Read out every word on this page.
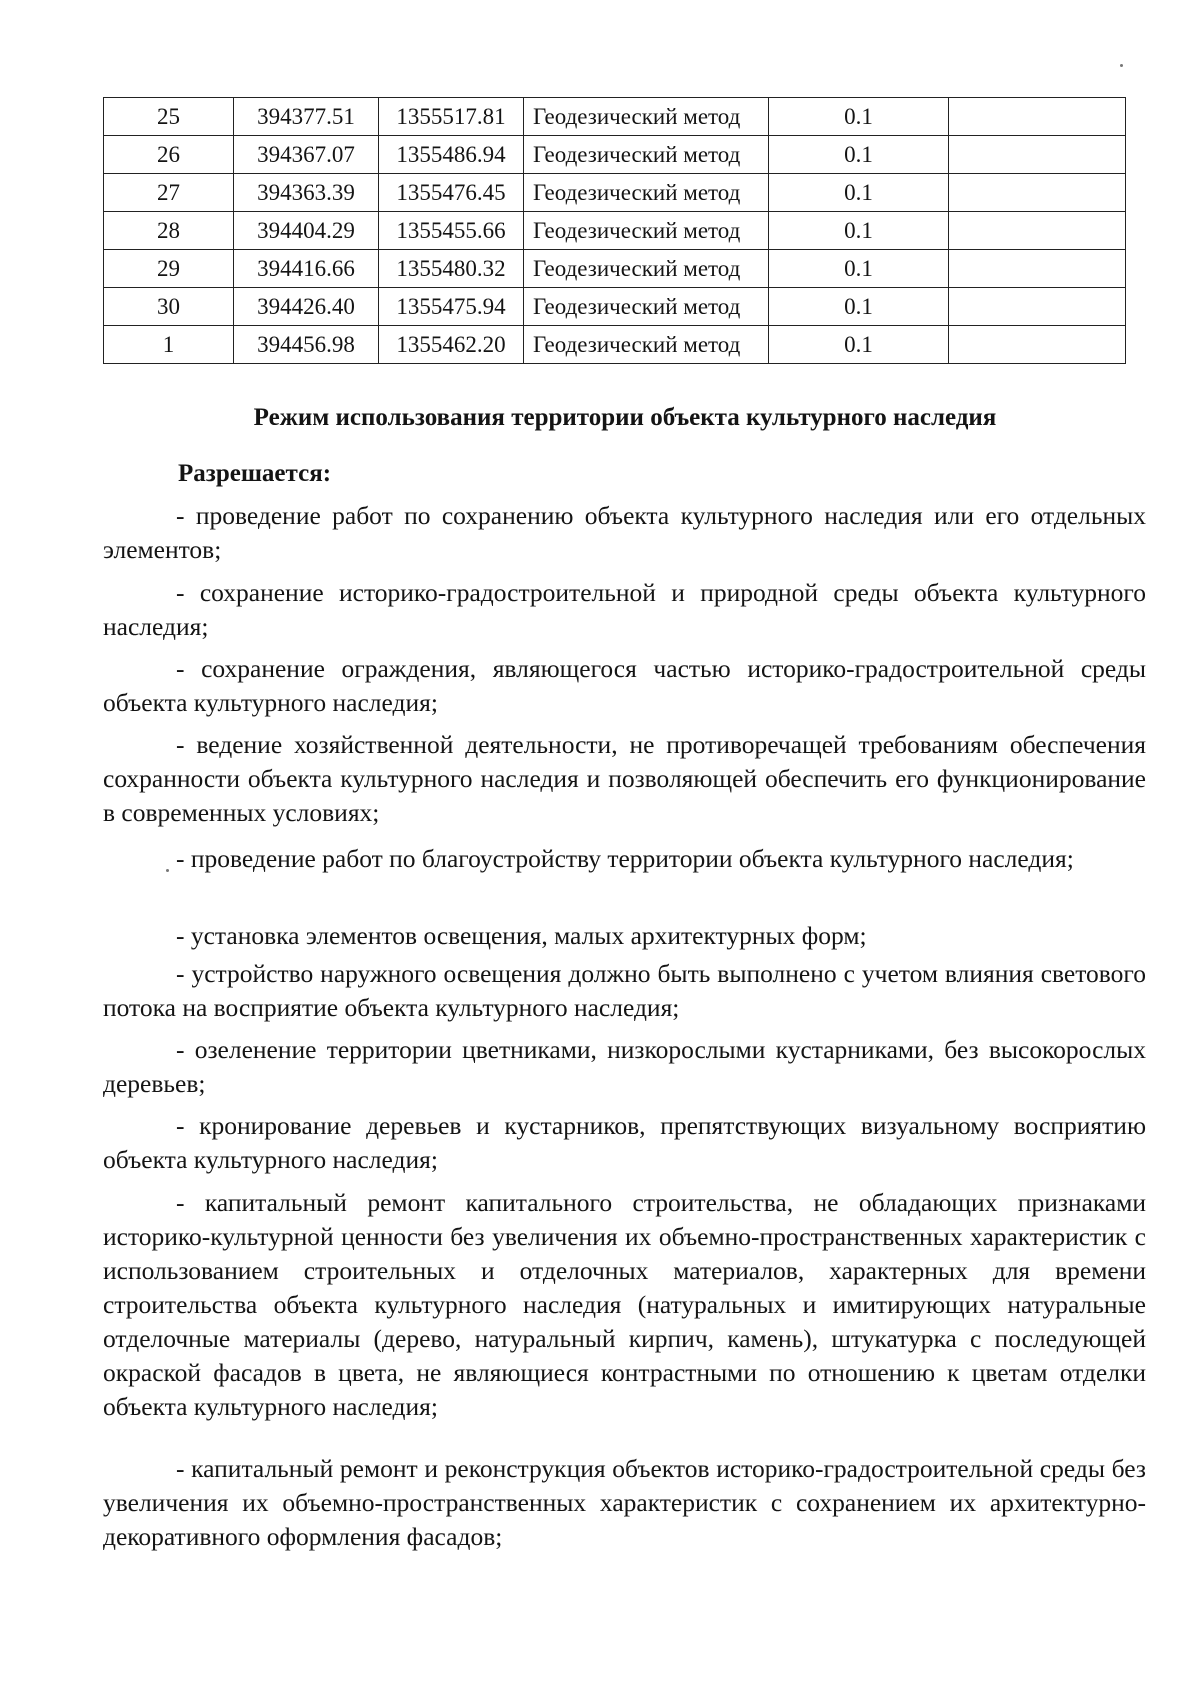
25	394377.51	1355517.81	Геодезический метод	0.1	
26	394367.07	1355486.94	Геодезический метод	0.1	
27	394363.39	1355476.45	Геодезический метод	0.1	
28	394404.29	1355455.66	Геодезический метод	0.1	
29	394416.66	1355480.32	Геодезический метод	0.1	
30	394426.40	1355475.94	Геодезический метод	0.1	
1	394456.98	1355462.20	Геодезический метод	0.1	
Режим использования территории объекта культурного наследия
Разрешается:

- проведение работ по сохранению объекта культурного наследия или его отдельных элементов;

- сохранение историко-градостроительной и природной среды объекта культурного наследия;

- сохранение ограждения, являющегося частью историко-градостроительной среды объекта культурного наследия;

- ведение хозяйственной деятельности, не противоречащей требованиям обеспечения сохранности объекта культурного наследия и позволяющей обеспечить его функционирование в современных условиях;

- проведение работ по благоустройству территории объекта культурного наследия;

- установка элементов освещения, малых архитектурных форм;

- устройство наружного освещения должно быть выполнено с учетом влияния светового потока на восприятие объекта культурного наследия;

- озеленение территории цветниками, низкорослыми кустарниками, без высокорослых деревьев;

- кронирование деревьев и кустарников, препятствующих визуальному восприятию объекта культурного наследия;

- капитальный ремонт капитального строительства, не обладающих признаками историко-культурной ценности без увеличения их объемно-пространственных характеристик с использованием строительных и отделочных материалов, характерных для времени строительства объекта культурного наследия (натуральных и имитирующих натуральные отделочные материалы (дерево, натуральный кирпич, камень), штукатурка с последующей окраской фасадов в цвета, не являющиеся контрастными по отношению к цветам отделки объекта культурного наследия;

- капитальный ремонт и реконструкция объектов историко-градостроительной среды без увеличения их объемно-пространственных характеристик с сохранением их архитектурно-декоративного оформления фасадов;
